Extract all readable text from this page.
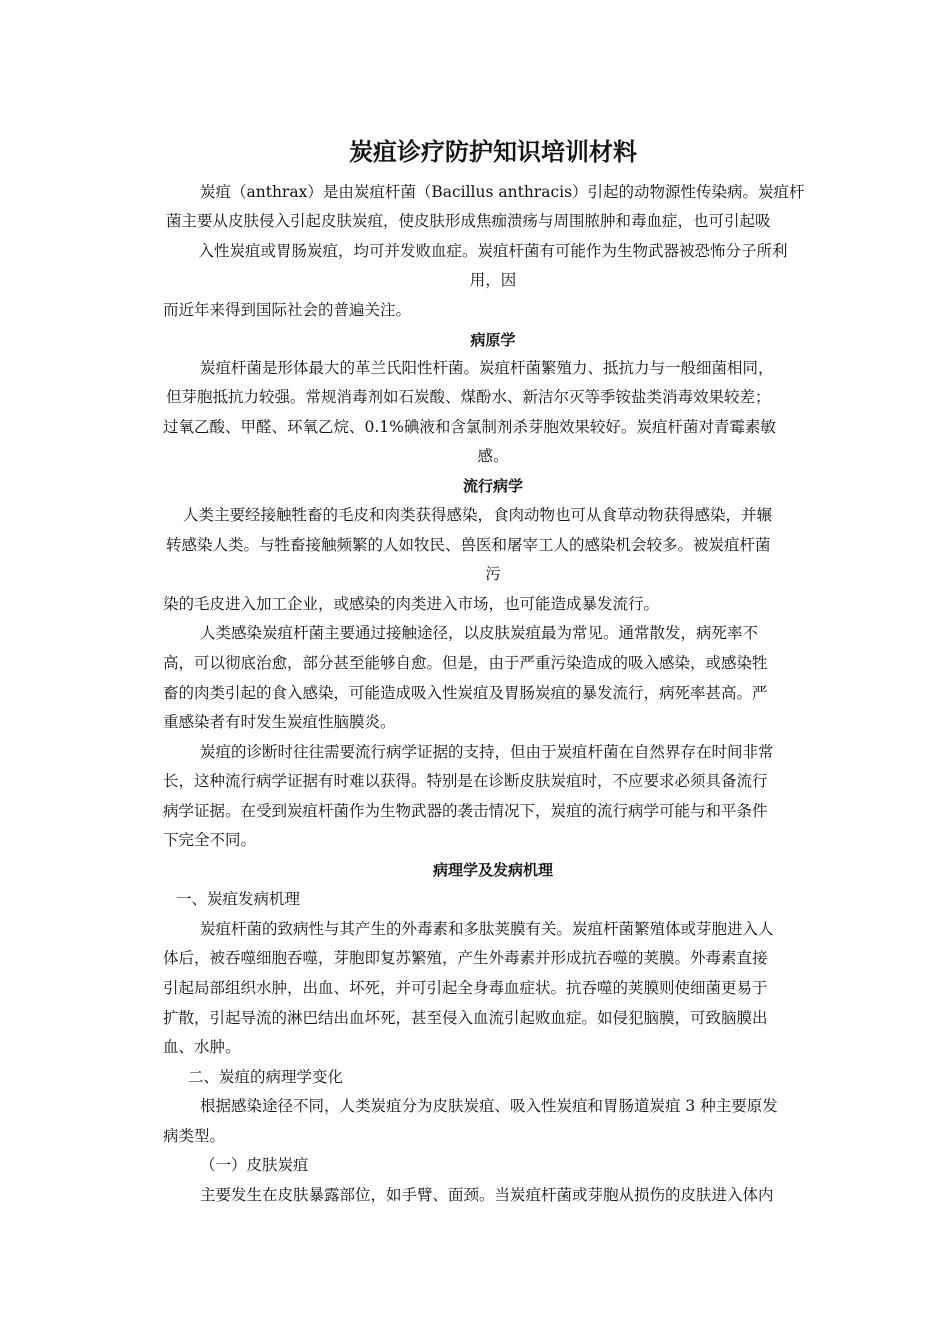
炭疽诊疗防护知识培训材料
炭疽（anthrax）是由炭疽杆菌（Bacillus anthracis）引起的动物源性传染病。炭疽杆
菌主要从皮肤侵入引起皮肤炭疽，使皮肤形成焦痂溃疡与周围脓肿和毒血症，也可引起吸
入性炭疽或胃肠炭疽，均可并发败血症。炭疽杆菌有可能作为生物武器被恐怖分子所利
用，因
而近年来得到国际社会的普遍关注。
病原学
炭疽杆菌是形体最大的革兰氏阳性杆菌。炭疽杆菌繁殖力、抵抗力与一般细菌相同，
但芽胞抵抗力较强。常规消毒剂如石炭酸、煤酚水、新洁尔灭等季铵盐类消毒效果较差；
过氧乙酸、甲醛、环氧乙烷、0.1%碘液和含氯制剂杀芽胞效果较好。炭疽杆菌对青霉素敏
感。
流行病学
人类主要经接触牲畜的毛皮和肉类获得感染，食肉动物也可从食草动物获得感染，并辗
转感染人类。与牲畜接触频繁的人如牧民、兽医和屠宰工人的感染机会较多。被炭疽杆菌
污
染的毛皮进入加工企业，或感染的肉类进入市场，也可能造成暴发流行。
人类感染炭疽杆菌主要通过接触途径，以皮肤炭疽最为常见。通常散发，病死率不
高，可以彻底治愈，部分甚至能够自愈。但是，由于严重污染造成的吸入感染，或感染牲
畜的肉类引起的食入感染，可能造成吸入性炭疽及胃肠炭疽的暴发流行，病死率甚高。严
重感染者有时发生炭疽性脑膜炎。
炭疽的诊断时往往需要流行病学证据的支持，但由于炭疽杆菌在自然界存在时间非常
长，这种流行病学证据有时难以获得。特别是在诊断皮肤炭疽时，不应要求必须具备流行
病学证据。在受到炭疽杆菌作为生物武器的袭击情况下，炭疽的流行病学可能与和平条件
下完全不同。
病理学及发病机理
一、炭疽发病机理
炭疽杆菌的致病性与其产生的外毒素和多肽荚膜有关。炭疽杆菌繁殖体或芽胞进入人
体后，被吞噬细胞吞噬，芽胞即复苏繁殖，产生外毒素并形成抗吞噬的荚膜。外毒素直接
引起局部组织水肿，出血、坏死，并可引起全身毒血症状。抗吞噬的荚膜则使细菌更易于
扩散，引起导流的淋巴结出血坏死，甚至侵入血流引起败血症。如侵犯脑膜，可致脑膜出
血、水肿。
二、炭疽的病理学变化
根据感染途径不同，人类炭疽分为皮肤炭疽、吸入性炭疽和胃肠道炭疽 3 种主要原发
病类型。
（一）皮肤炭疽
主要发生在皮肤暴露部位，如手臂、面颈。当炭疽杆菌或芽胞从损伤的皮肤进入体内
